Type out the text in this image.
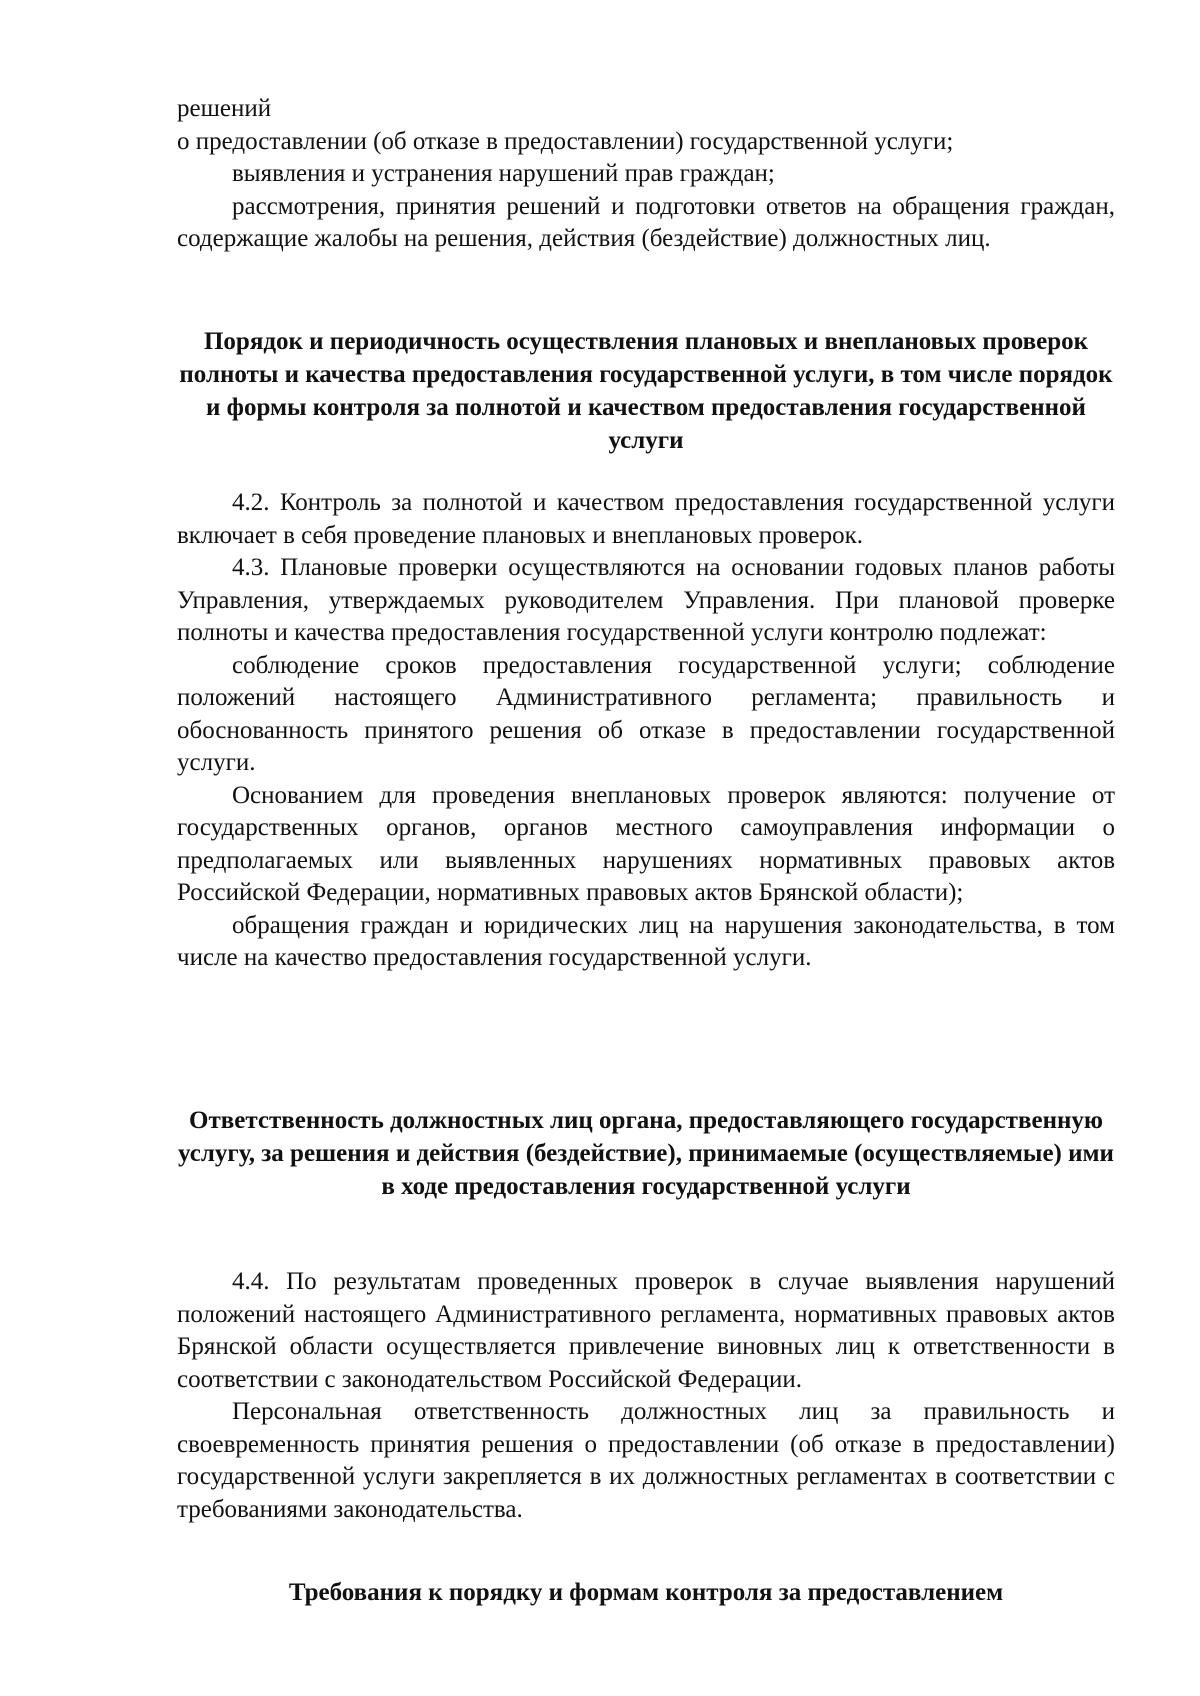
решений

о предоставлении (об отказе в предоставлении) государственной услуги;

выявления и устранения нарушений прав граждан;

рассмотрения, принятия решений и подготовки ответов на обращения граждан, содержащие жалобы на решения, действия (бездействие) должностных лиц.

Порядок и периодичность осуществления плановых и внеплановых проверок полноты и качества предоставления государственной услуги, в том числе порядок и формы контроля за полнотой и качеством предоставления государственной услуги

4.2. Контроль за полнотой и качеством предоставления государственной услуги включает в себя проведение плановых и внеплановых проверок.

4.3. Плановые проверки осуществляются на основании годовых планов работы Управления, утверждаемых руководителем Управления. При плановой проверке полноты и качества предоставления государственной услуги контролю подлежат:

соблюдение сроков предоставления государственной услуги; соблюдение положений настоящего Административного регламента; правильность и обоснованность принятого решения об отказе в предоставлении государственной услуги.

Основанием для проведения внеплановых проверок являются: получение от государственных органов, органов местного самоуправления информации о предполагаемых или выявленных нарушениях нормативных правовых актов Российской Федерации, нормативных правовых актов Брянской области);

обращения граждан и юридических лиц на нарушения законодательства, в том числе на качество предоставления государственной услуги.

Ответственность должностных лиц органа, предоставляющего государственную услугу, за решения и действия (бездействие), принимаемые (осуществляемые) ими в ходе предоставления государственной услуги

4.4. По результатам проведенных проверок в случае выявления нарушений положений настоящего Административного регламента, нормативных правовых актов Брянской области осуществляется привлечение виновных лиц к ответственности в соответствии с законодательством Российской Федерации.

Персональная ответственность должностных лиц за правильность и своевременность принятия решения о предоставлении (об отказе в предоставлении) государственной услуги закрепляется в их должностных регламентах в соответствии с требованиями законодательства.

Требования к порядку и формам контроля за предоставлением
